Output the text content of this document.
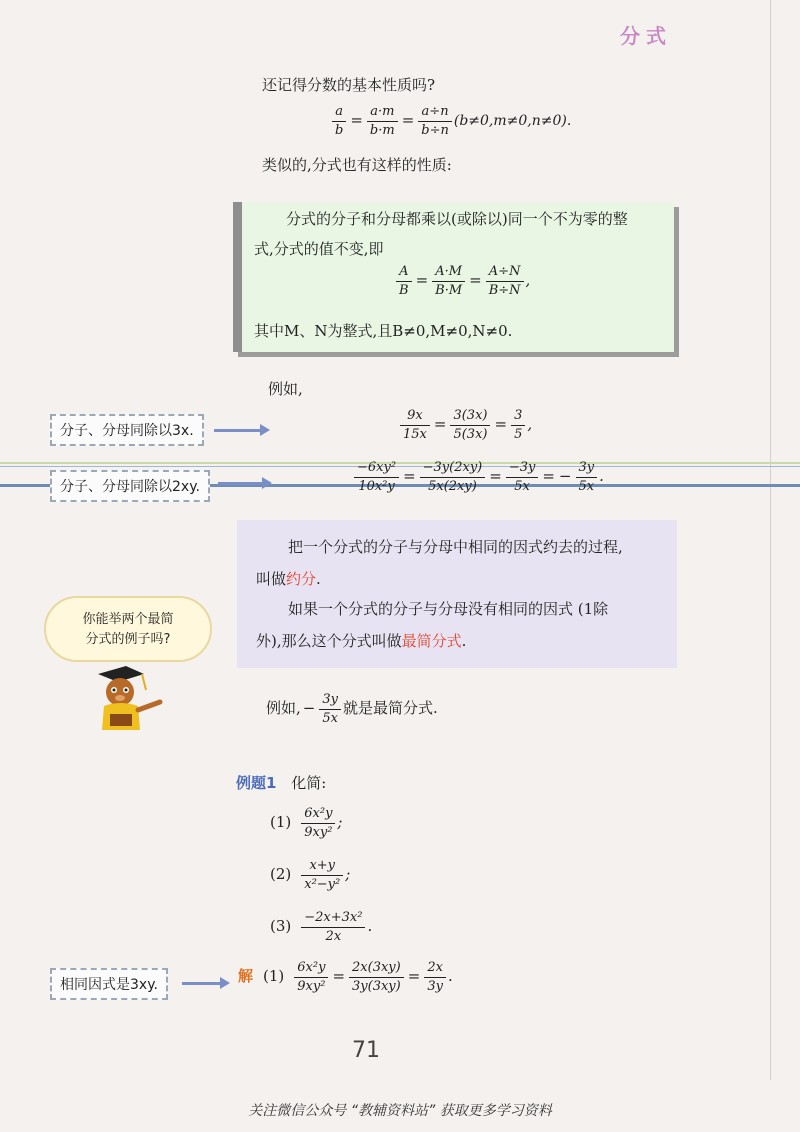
分式
还记得分数的基本性质吗?
$\frac{a}{b} = \frac{a\cdot m}{b\cdot m} = \frac{a\div n}{b\div n} (b\ne 0,m\ne 0,n\ne 0)$.
类似的,分式也有这样的性质:
分式的分子和分母都乘以(或除以)同一个不为零的整
式,分式的值不变,即
$\frac{A}{B} = \frac{A\cdot M}{B\cdot M} = \frac{A\div N}{B\div N}$ ,
其中M、N为整式,且B≠0,M≠0,N≠0.
例如,
分子、分母同除以3x.	$\frac{9x}{15x} = \frac{3(3x)}{5(3x)} = \frac{3}{5}$ ,
分子、分母同除以2xy.	$\frac{\text{−6xy²}}{\text{10x²y}} = \frac{-3y(2xy)}{5x(2xy)} = \frac{-3y}{5x}$ = − $\frac{3y}{5x}$ .
把一个分式的分子与分母中相同的因式约去的过程,
叫做约分.
如果一个分式的分子与分母没有相同的因式 (1除
外),那么这个分式叫做最简分式.
你能举两个最简
分式的例子吗?
例如, − $\frac{3y}{5x}$ 就是最简分式.
例题1 化简:
$(1) \frac{\text{6x²y}}{\text{9xy²}}$ ;
$(2) \frac{x+y}{\text{x²−y²}}$ ;
$(3) \frac{\text{−2x+3x²}}{2x}$ .
相同因式是3xy.	解 $(1) \frac{\text{6x²y}}{\text{9xy²}} = \frac{2x(3xy)}{3y(3xy)} = \frac{2x}{3y}$ .
71
关注微信公众号 “教辅资料站” 获取更多学习资料
